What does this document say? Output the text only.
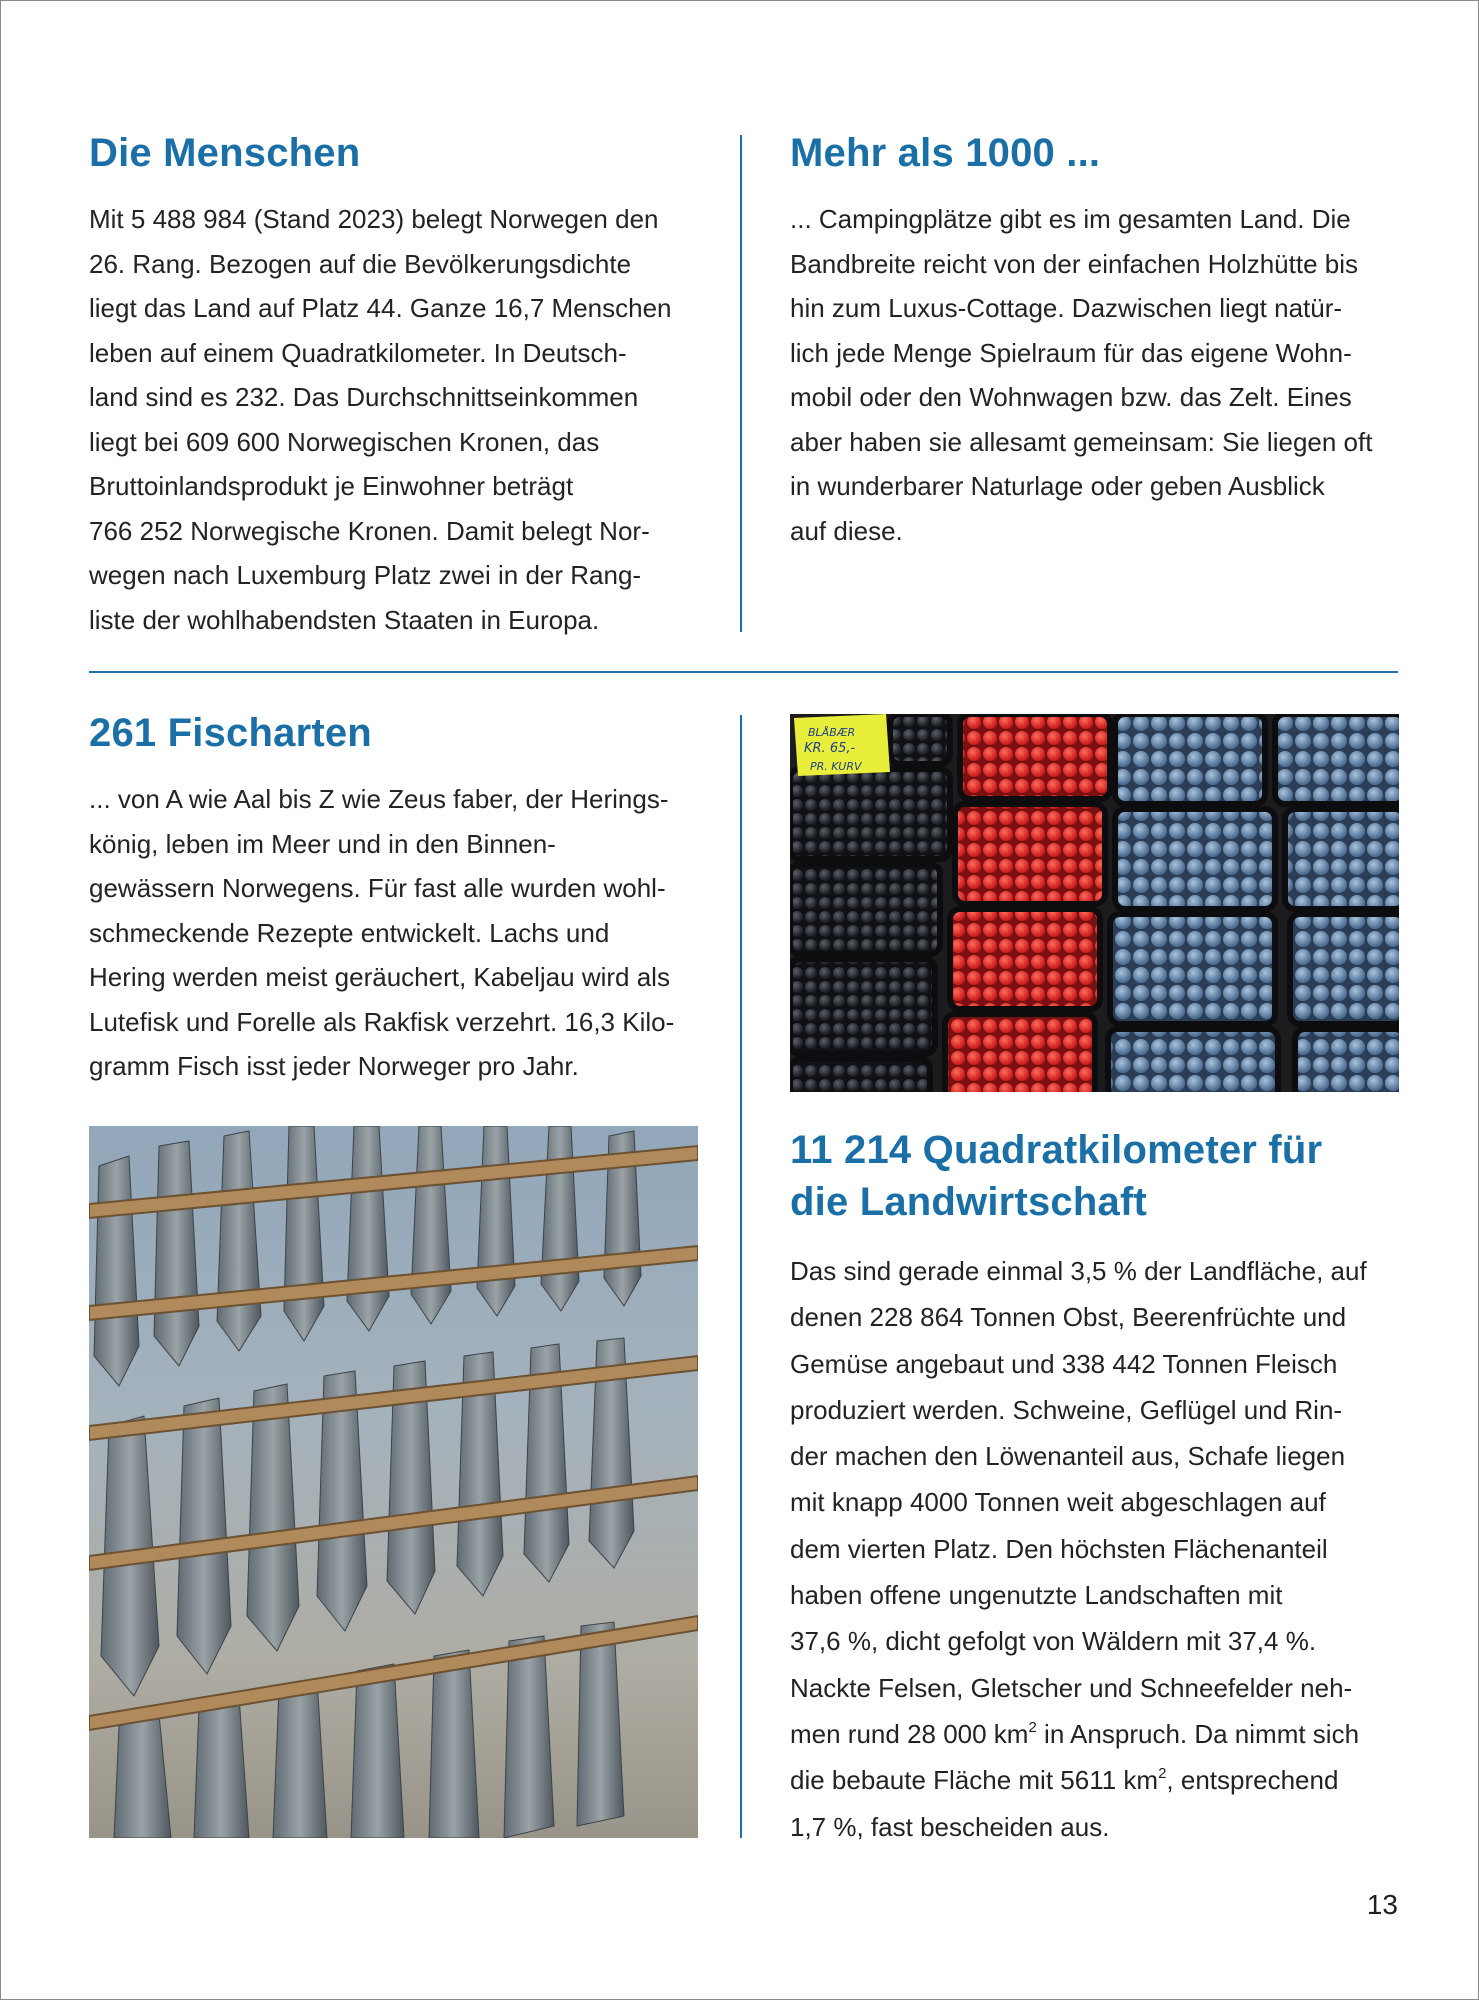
Die Menschen

Mit 5 488 984 (Stand 2023) belegt Norwegen den
26. Rang. Bezogen auf die Bevölkerungsdichte
liegt das Land auf Platz 44. Ganze 16,7 Menschen
leben auf einem Quadratkilometer. In Deutsch-
land sind es 232. Das Durchschnittseinkommen
liegt bei 609 600 Norwegischen Kronen, das
Bruttoinlandsprodukt je Einwohner beträgt
766 252 Norwegische Kronen. Damit belegt Nor-
wegen nach Luxemburg Platz zwei in der Rang-
liste der wohlhabendsten Staaten in Europa.

Mehr als 1000 ...

... Campingplätze gibt es im gesamten Land. Die
Bandbreite reicht von der einfachen Holzhütte bis
hin zum Luxus-Cottage. Dazwischen liegt natür-
lich jede Menge Spielraum für das eigene Wohn-
mobil oder den Wohnwagen bzw. das Zelt. Eines
aber haben sie allesamt gemeinsam: Sie liegen oft
in wunderbarer Naturlage oder geben Ausblick
auf diese.

261 Fischarten

... von A wie Aal bis Z wie Zeus faber, der Herings-
könig, leben im Meer und in den Binnen-
gewässern Norwegens. Für fast alle wurden wohl-
schmeckende Rezepte entwickelt. Lachs und
Hering werden meist geräuchert, Kabeljau wird als
Lutefisk und Forelle als Rakfisk verzehrt. 16,3 Kilo-
gramm Fisch isst jeder Norweger pro Jahr.

BLÅBÆR
KR. 65,-
PR. KURV
11 214 Quadratkilometer für
die Landwirtschaft

Das sind gerade einmal 3,5 % der Landfläche, auf
denen 228 864 Tonnen Obst, Beerenfrüchte und
Gemüse angebaut und 338 442 Tonnen Fleisch
produziert werden. Schweine, Geflügel und Rin-
der machen den Löwenanteil aus, Schafe liegen
mit knapp 4000 Tonnen weit abgeschlagen auf
dem vierten Platz. Den höchsten Flächenanteil
haben offene ungenutzte Landschaften mit
37,6 %, dicht gefolgt von Wäldern mit 37,4 %.
Nackte Felsen, Gletscher und Schneefelder neh-
men rund 28 000 $km^2$ in Anspruch. Da nimmt sich
die bebaute Fläche mit 5611 $km^2$, entsprechend
1,7 %, fast bescheiden aus.

13
